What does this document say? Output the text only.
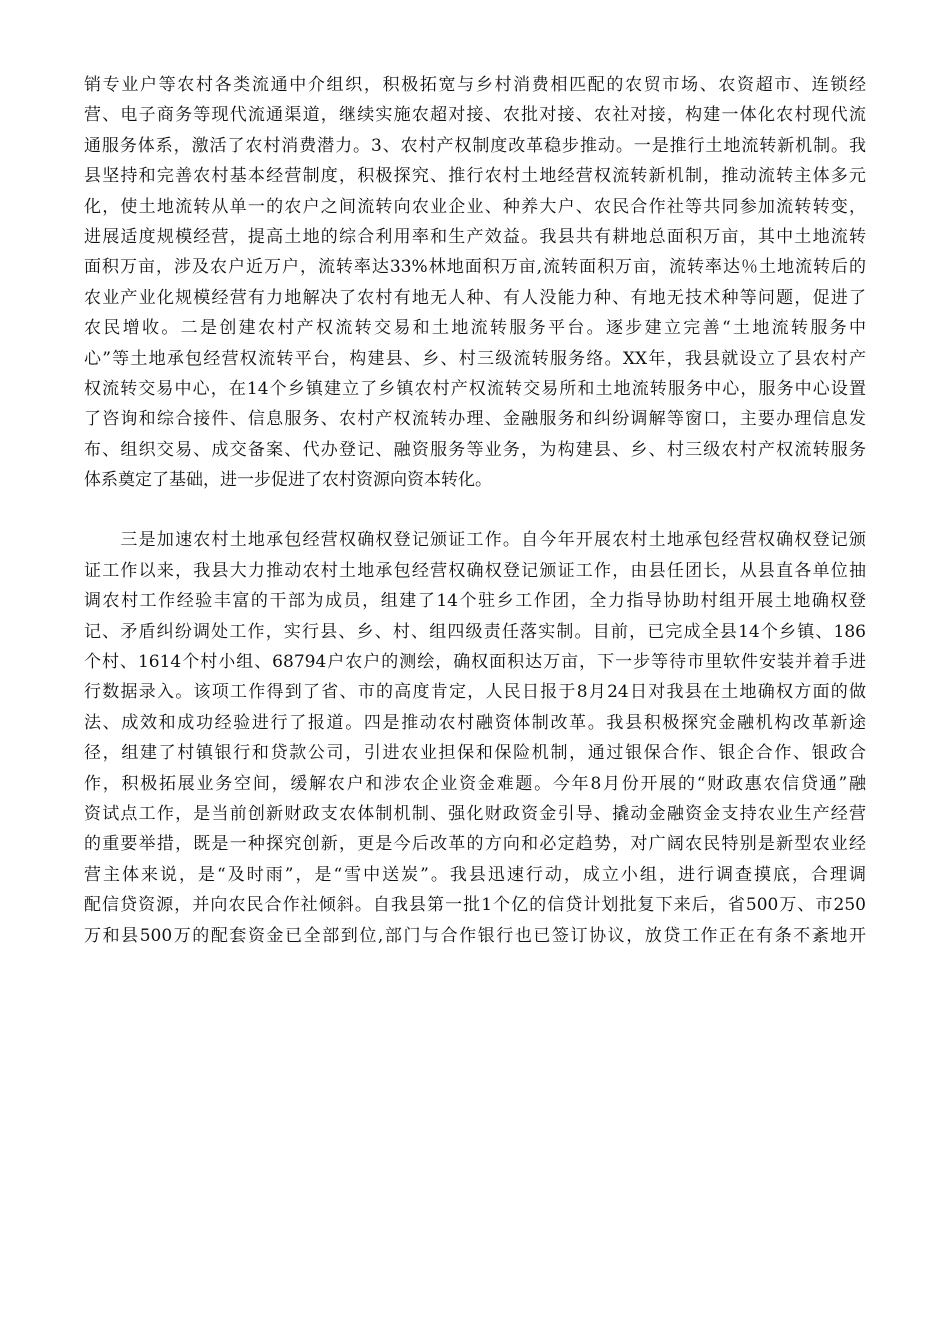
销专业户等农村各类流通中介组织，积极拓宽与乡村消费相匹配的农贸市场、农资超市、连锁经
营、电子商务等现代流通渠道，继续实施农超对接、农批对接、农社对接，构建一体化农村现代流
通服务体系，激活了农村消费潜力。3、农村产权制度改革稳步推动。一是推行土地流转新机制。我
县坚持和完善农村基本经营制度，积极探究、推行农村土地经营权流转新机制，推动流转主体多元
化，使土地流转从单一的农户之间流转向农业企业、种养大户、农民合作社等共同参加流转转变，
进展适度规模经营，提高土地的综合利用率和生产效益。我县共有耕地总面积万亩，其中土地流转
面积万亩，涉及农户近万户，流转率达33%林地面积万亩,流转面积万亩，流转率达％土地流转后的
农业产业化规模经营有力地解决了农村有地无人种、有人没能力种、有地无技术种等问题，促进了
农民增收。二是创建农村产权流转交易和土地流转服务平台。逐步建立完善“土地流转服务中
心”等土地承包经营权流转平台，构建县、乡、村三级流转服务络。XX年，我县就设立了县农村产
权流转交易中心，在14个乡镇建立了乡镇农村产权流转交易所和土地流转服务中心，服务中心设置
了咨询和综合接件、信息服务、农村产权流转办理、金融服务和纠纷调解等窗口，主要办理信息发
布、组织交易、成交备案、代办登记、融资服务等业务，为构建县、乡、村三级农村产权流转服务
体系奠定了基础，进一步促进了农村资源向资本转化。
　　三是加速农村土地承包经营权确权登记颁证工作。自今年开展农村土地承包经营权确权登记颁
证工作以来，我县大力推动农村土地承包经营权确权登记颁证工作，由县任团长，从县直各单位抽
调农村工作经验丰富的干部为成员，组建了14个驻乡工作团，全力指导协助村组开展土地确权登
记、矛盾纠纷调处工作，实行县、乡、村、组四级责任落实制。目前，已完成全县14个乡镇、186
个村、1614个村小组、68794户农户的测绘，确权面积达万亩，下一步等待市里软件安装并着手进
行数据录入。该项工作得到了省、市的高度肯定，人民日报于8月24日对我县在土地确权方面的做
法、成效和成功经验进行了报道。四是推动农村融资体制改革。我县积极探究金融机构改革新途
径，组建了村镇银行和贷款公司，引进农业担保和保险机制，通过银保合作、银企合作、银政合
作，积极拓展业务空间，缓解农户和涉农企业资金难题。今年8月份开展的“财政惠农信贷通”融
资试点工作，是当前创新财政支农体制机制、强化财政资金引导、撬动金融资金支持农业生产经营
的重要举措，既是一种探究创新，更是今后改革的方向和必定趋势，对广阔农民特别是新型农业经
营主体来说，是“及时雨”，是“雪中送炭”。我县迅速行动，成立小组，进行调查摸底，合理调
配信贷资源，并向农民合作社倾斜。自我县第一批1个亿的信贷计划批复下来后，省500万、市250
万和县500万的配套资金已全部到位,部门与合作银行也已签订协议，放贷工作正在有条不紊地开
